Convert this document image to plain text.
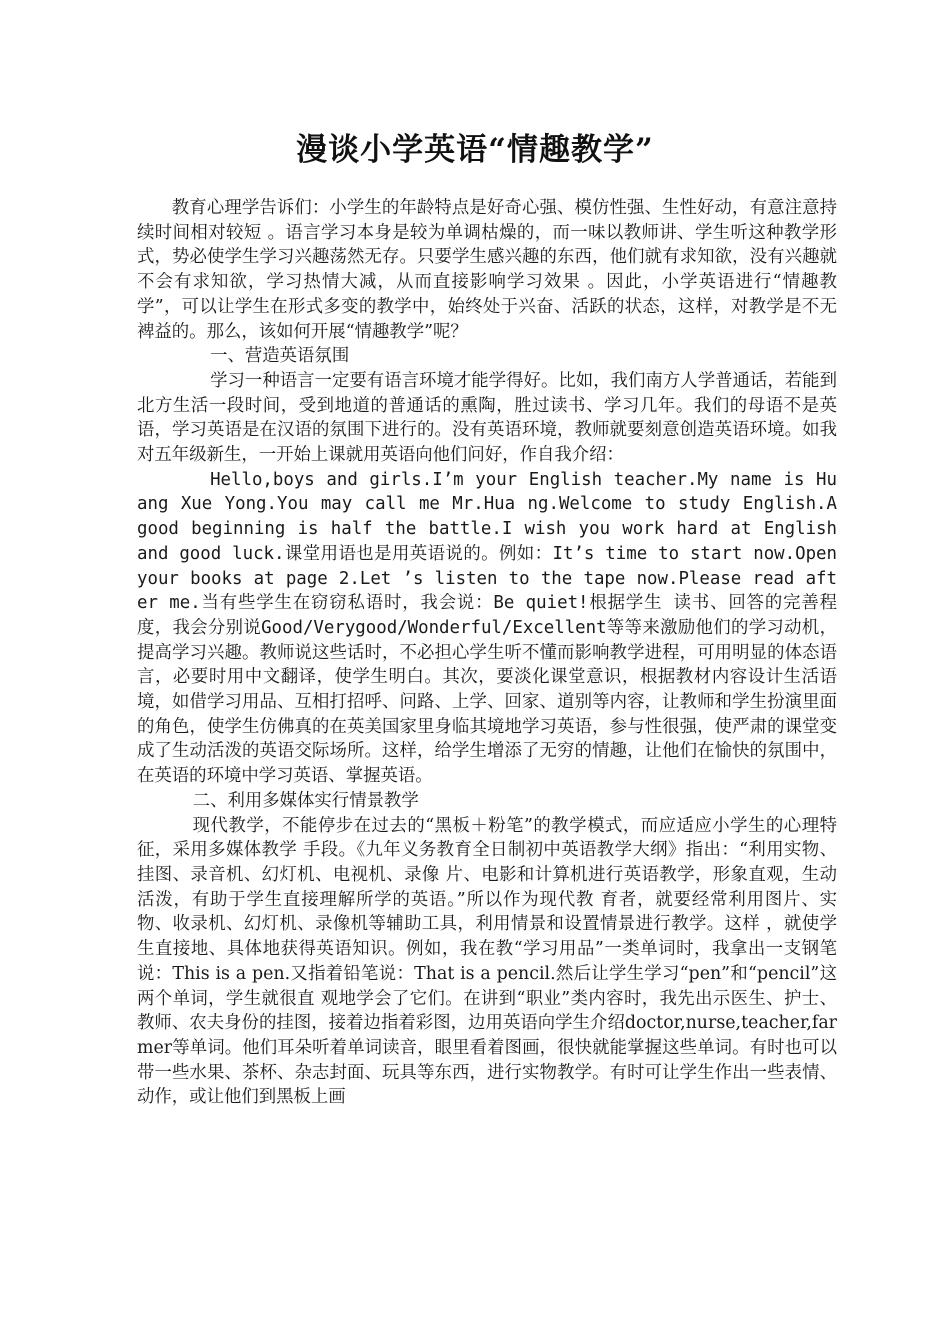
漫谈小学英语“情趣教学”

教育心理学告诉们：小学生的年龄特点是好奇心强、模仿性强、生性好动，有意注意持续时间相对较短 。语言学习本身是较为单调枯燥的，而一味以教师讲、学生听这种教学形式，势必使学生学习兴趣荡然无存。只要学生感兴趣的东西，他们就有求知欲，没有兴趣就不会有求知欲，学习热情大减，从而直接影响学习效果 。因此，小学英语进行“情趣教学”，可以让学生在形式多变的教学中，始终处于兴奋、活跃的状态，这样，对教学是不无裨益的。那么，该如何开展“情趣教学”呢？

一、营造英语氛围

学习一种语言一定要有语言环境才能学得好。比如，我们南方人学普通话，若能到北方生活一段时间，受到地道的普通话的熏陶，胜过读书、学习几年。我们的母语不是英语，学习英语是在汉语的氛围下进行的。没有英语环境，教师就要刻意创造英语环境。如我对五年级新生，一开始上课就用英语向他们问好，作自我介绍：

Hello,boys and girls.I’m your English teacher.My name is Huang Xue Yong.You may call me Mr.Hua ng.Welcome to study English.A good beginning is half the battle.I wish you work hard at English and good luck.课堂用语也是用英语说的。例如：It’s time to start now.Open your books at page 2.Let ’s listen to the tape now.Please read after me.当有些学生在窃窃私语时，我会说：Be quiet!根据学生 读书、回答的完善程度，我会分别说Good/Verygood/Wonderful/Excellent等等来激励他们的学习动机，提高学习兴趣。教师说这些话时，不必担心学生听不懂而影响教学进程，可用明显的体态语言，必要时用中文翻译，使学生明白。其次，要淡化课堂意识，根据教材内容设计生活语境，如借学习用品、互相打招呼、问路、上学、回家、道别等内容，让教师和学生扮演里面的角色，使学生仿佛真的在英美国家里身临其境地学习英语，参与性很强，使严肃的课堂变成了生动活泼的英语交际场所。这样，给学生增添了无穷的情趣，让他们在愉快的氛围中，在英语的环境中学习英语、掌握英语。

二、利用多媒体实行情景教学

现代教学，不能停步在过去的“黑板＋粉笔”的教学模式，而应适应小学生的心理特征，采用多媒体教学 手段。《九年义务教育全日制初中英语教学大纲》指出：“利用实物、挂图、录音机、幻灯机、电视机、录像 片、电影和计算机进行英语教学，形象直观，生动活泼，有助于学生直接理解所学的英语。”所以作为现代教 育者，就要经常利用图片、实物、收录机、幻灯机、录像机等辅助工具，利用情景和设置情景进行教学。这样 ，就使学生直接地、具体地获得英语知识。例如，我在教“学习用品”一类单词时，我拿出一支钢笔说：This is a pen.又指着铅笔说：That is a pencil.然后让学生学习“pen”和“pencil”这两个单词，学生就很直 观地学会了它们。在讲到“职业”类内容时，我先出示医生、护士、教师、农夫身份的挂图，接着边指着彩图，边用英语向学生介绍doctor,nurse,teacher,farmer等单词。他们耳朵听着单词读音，眼里看着图画，很快就能掌握这些单词。有时也可以带一些水果、茶杯、杂志封面、玩具等东西，进行实物教学。有时可让学生作出一些表情、动作，或让他们到黑板上画
